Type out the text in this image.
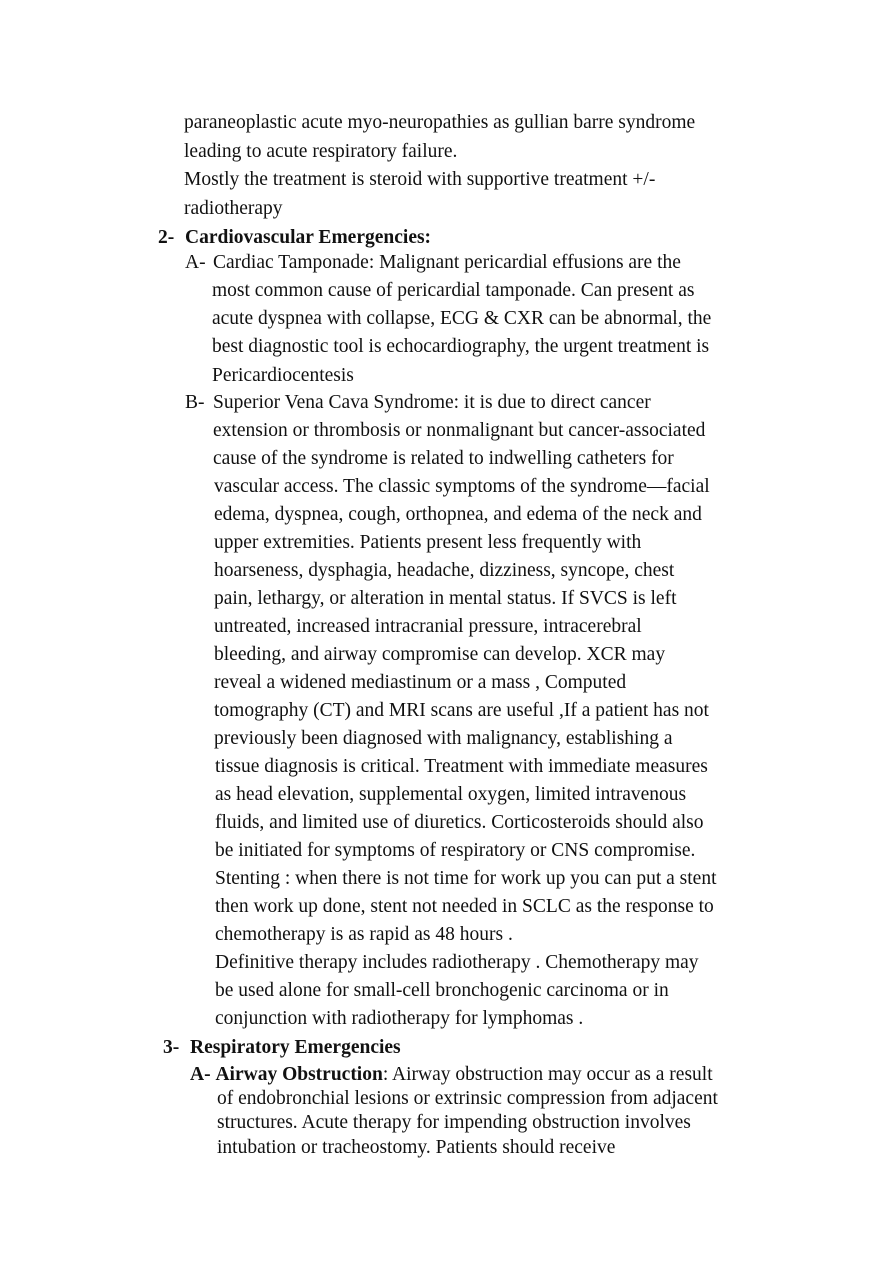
paraneoplastic acute myo-neuropathies as gullian barre syndrome
leading to acute respiratory failure.
Mostly the treatment is steroid with supportive treatment +/-
radiotherapy
2- Cardiovascular Emergencies:
A- Cardiac Tamponade: Malignant pericardial effusions are the
most common cause of pericardial tamponade. Can present as
acute dyspnea with collapse, ECG & CXR can be abnormal, the
best diagnostic tool is echocardiography, the urgent treatment is
Pericardiocentesis
B- Superior Vena Cava Syndrome: it is due to direct cancer
extension or thrombosis or nonmalignant but cancer-associated
cause of the syndrome is related to indwelling catheters for
vascular access. The classic symptoms of the syndrome—facial
edema, dyspnea, cough, orthopnea, and edema of the neck and
upper extremities. Patients present less frequently with
hoarseness, dysphagia, headache, dizziness, syncope, chest
pain, lethargy, or alteration in mental status. If SVCS is left
untreated, increased intracranial pressure, intracerebral
bleeding, and airway compromise can develop. XCR may
reveal a widened mediastinum or a mass , Computed
tomography (CT) and MRI scans are useful ,If a patient has not
previously been diagnosed with malignancy, establishing a
tissue diagnosis is critical. Treatment with immediate measures
as head elevation, supplemental oxygen, limited intravenous
fluids, and limited use of diuretics. Corticosteroids should also
be initiated for symptoms of respiratory or CNS compromise.
Stenting : when there is not time for work up you can put a stent
then work up done, stent not needed in SCLC as the response to
chemotherapy is as rapid as 48 hours .
Definitive therapy includes radiotherapy . Chemotherapy may
be used alone for small-cell bronchogenic carcinoma or in
conjunction with radiotherapy for lymphomas .
3- Respiratory Emergencies
A- Airway Obstruction: Airway obstruction may occur as a result
of endobronchial lesions or extrinsic compression from adjacent
structures. Acute therapy for impending obstruction involves
intubation or tracheostomy. Patients should receive
